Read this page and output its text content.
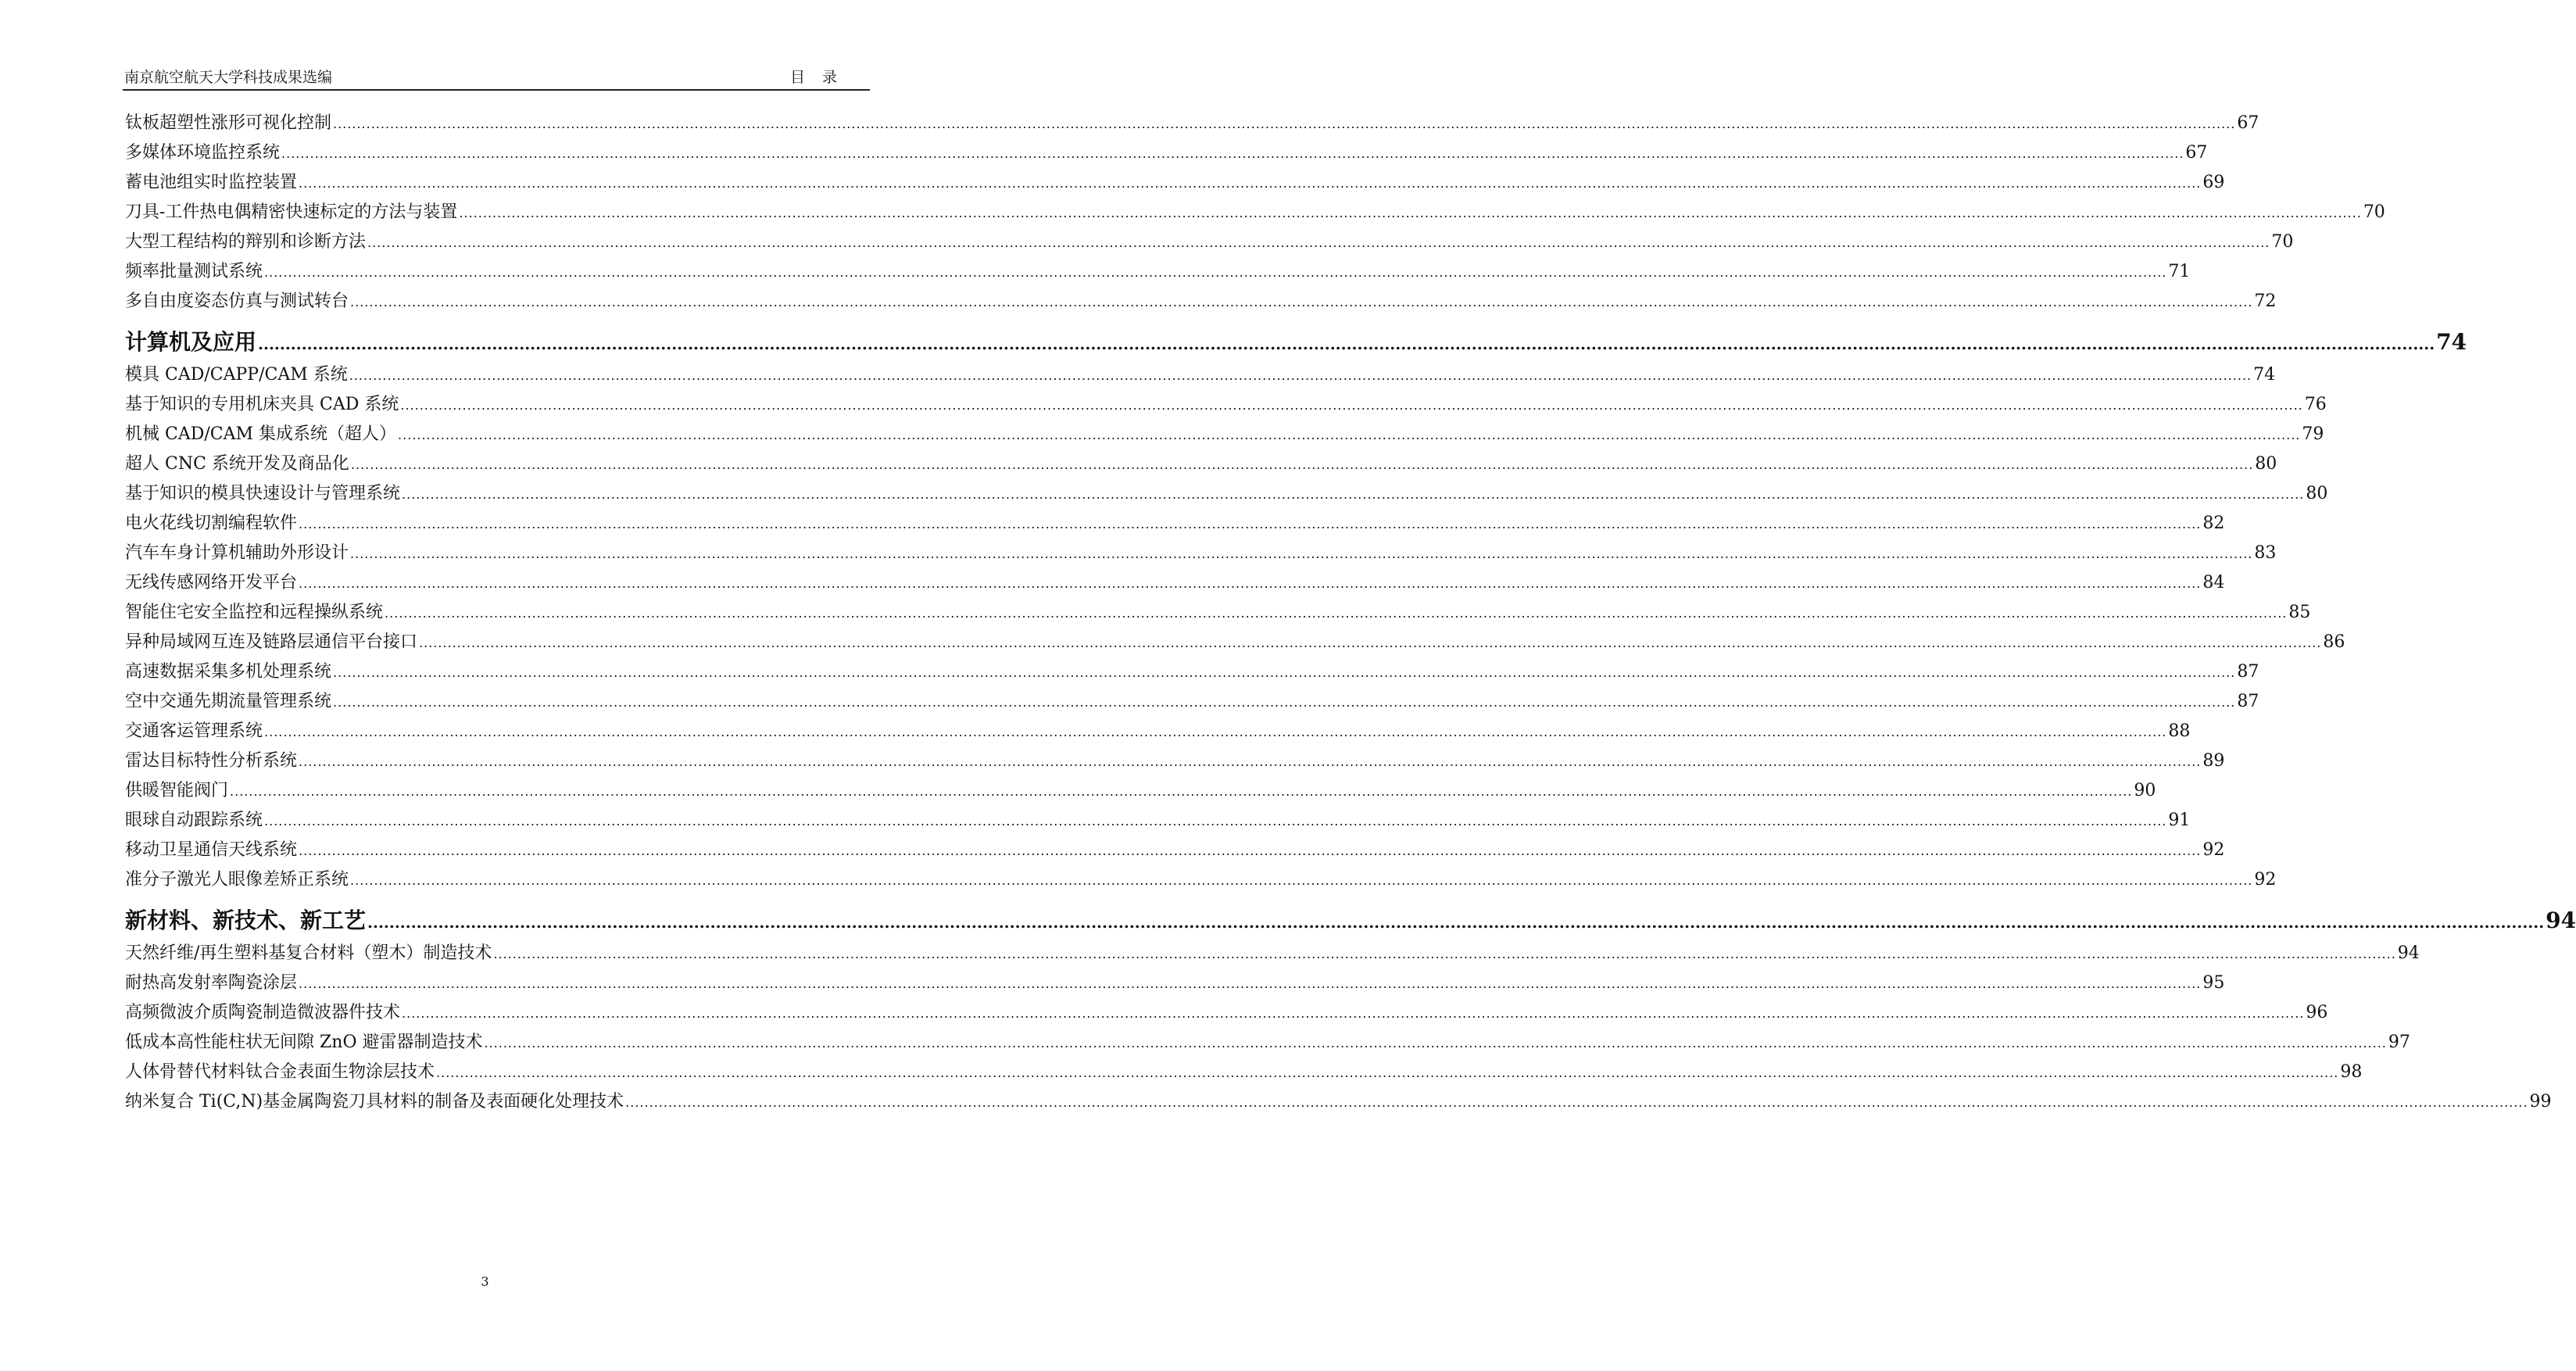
南京航空航天大学科技成果选编	目录
钛板超塑性涨形可视化控制 ................................................................................................................................................................................................................................................................................................................................................................................................................ 67
多媒体环境监控系统 ................................................................................................................................................................................................................................................................................................................................................................................................................ 67
蓄电池组实时监控装置 ................................................................................................................................................................................................................................................................................................................................................................................................................ 69
刀具-工件热电偶精密快速标定的方法与装置 ................................................................................................................................................................................................................................................................................................................................................................................................................ 70
大型工程结构的辩别和诊断方法 ................................................................................................................................................................................................................................................................................................................................................................................................................ 70
频率批量测试系统 ................................................................................................................................................................................................................................................................................................................................................................................................................ 71
多自由度姿态仿真与测试转台 ................................................................................................................................................................................................................................................................................................................................................................................................................ 72
计算机及应用 ................................................................................................................................................................................................................................................................................................................................................................................................................ 74
模具 CAD/CAPP/CAM 系统 ................................................................................................................................................................................................................................................................................................................................................................................................................ 74
基于知识的专用机床夹具 CAD 系统 ................................................................................................................................................................................................................................................................................................................................................................................................................ 76
机械 CAD/CAM 集成系统（超人） ................................................................................................................................................................................................................................................................................................................................................................................................................ 79
超人 CNC 系统开发及商品化 ................................................................................................................................................................................................................................................................................................................................................................................................................ 80
基于知识的模具快速设计与管理系统 ................................................................................................................................................................................................................................................................................................................................................................................................................ 80
电火花线切割编程软件 ................................................................................................................................................................................................................................................................................................................................................................................................................ 82
汽车车身计算机辅助外形设计 ................................................................................................................................................................................................................................................................................................................................................................................................................ 83
无线传感网络开发平台 ................................................................................................................................................................................................................................................................................................................................................................................................................ 84
智能住宅安全监控和远程操纵系统 ................................................................................................................................................................................................................................................................................................................................................................................................................ 85
异种局域网互连及链路层通信平台接口 ................................................................................................................................................................................................................................................................................................................................................................................................................ 86
高速数据采集多机处理系统 ................................................................................................................................................................................................................................................................................................................................................................................................................ 87
空中交通先期流量管理系统 ................................................................................................................................................................................................................................................................................................................................................................................................................ 87
交通客运管理系统 ................................................................................................................................................................................................................................................................................................................................................................................................................ 88
雷达目标特性分析系统 ................................................................................................................................................................................................................................................................................................................................................................................................................ 89
供暖智能阀门 ................................................................................................................................................................................................................................................................................................................................................................................................................ 90
眼球自动跟踪系统 ................................................................................................................................................................................................................................................................................................................................................................................................................ 91
移动卫星通信天线系统 ................................................................................................................................................................................................................................................................................................................................................................................................................ 92
准分子激光人眼像差矫正系统 ................................................................................................................................................................................................................................................................................................................................................................................................................ 92
新材料、新技术、新工艺 ................................................................................................................................................................................................................................................................................................................................................................................................................ 94
天然纤维/再生塑料基复合材料（塑木）制造技术 ................................................................................................................................................................................................................................................................................................................................................................................................................ 94
耐热高发射率陶瓷涂层 ................................................................................................................................................................................................................................................................................................................................................................................................................ 95
高频微波介质陶瓷制造微波器件技术 ................................................................................................................................................................................................................................................................................................................................................................................................................ 96
低成本高性能柱状无间隙 ZnO 避雷器制造技术 ................................................................................................................................................................................................................................................................................................................................................................................................................ 97
人体骨替代材料钛合金表面生物涂层技术 ................................................................................................................................................................................................................................................................................................................................................................................................................ 98
纳米复合 Ti(C,N)基金属陶瓷刀具材料的制备及表面硬化处理技术 ................................................................................................................................................................................................................................................................................................................................................................................................................ 99
3
